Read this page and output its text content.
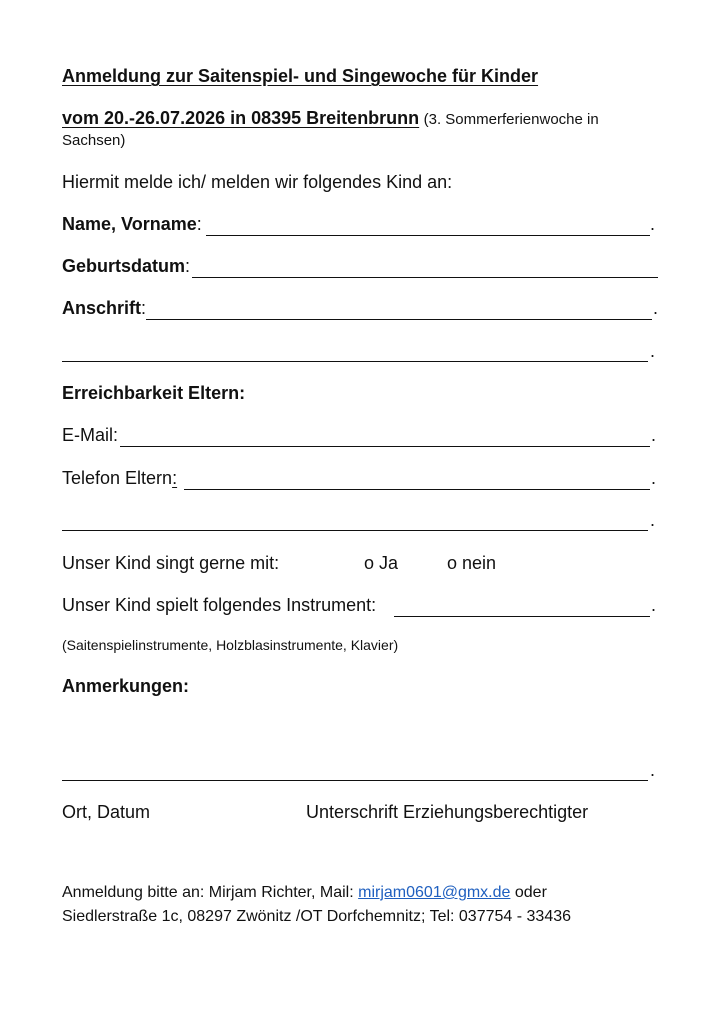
Anmeldung zur Saitenspiel- und Singewoche für Kinder
vom 20.-26.07.2026 in 08395 Breitenbrunn (3. Sommerferienwoche in
Sachsen)
Hiermit melde ich/ melden wir folgendes Kind an:
Name, Vorname:	.
Geburtsdatum:
Anschrift:	.
.
Erreichbarkeit Eltern:
E-Mail:	.
Telefon Eltern:	.
.
Unser Kind singt gerne mit:	o Ja	o nein
Unser Kind spielt folgendes Instrument:	.
(Saitenspielinstrumente, Holzblasinstrumente, Klavier)
Anmerkungen:
.
Ort, Datum	Unterschrift Erziehungsberechtigter
Anmeldung bitte an: Mirjam Richter, Mail: mirjam0601@gmx.de oder
Siedlerstraße 1c, 08297 Zwönitz /OT Dorfchemnitz; Tel: 037754 - 33436
